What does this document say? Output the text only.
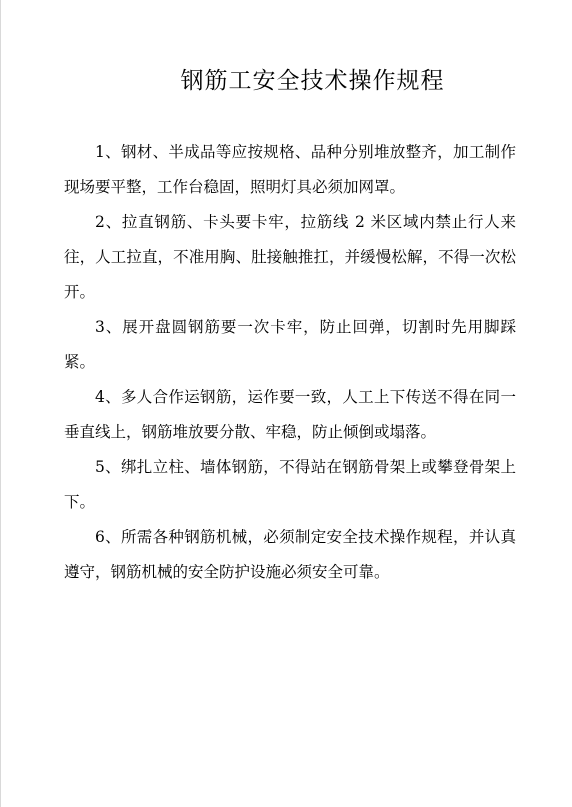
钢筋工安全技术操作规程

1、钢材、半成品等应按规格、品种分别堆放整齐，加工制作现场要平整，工作台稳固，照明灯具必须加网罩。

2、拉直钢筋、卡头要卡牢，拉筋线 2 米区域内禁止行人来往，人工拉直，不准用胸、肚接触推扛，并缓慢松解，不得一次松开。

3、展开盘圆钢筋要一次卡牢，防止回弹，切割时先用脚踩紧。

4、多人合作运钢筋，运作要一致，人工上下传送不得在同一垂直线上，钢筋堆放要分散、牢稳，防止倾倒或塌落。

5、绑扎立柱、墙体钢筋，不得站在钢筋骨架上或攀登骨架上下。

6、所需各种钢筋机械，必须制定安全技术操作规程，并认真遵守，钢筋机械的安全防护设施必须安全可靠。
